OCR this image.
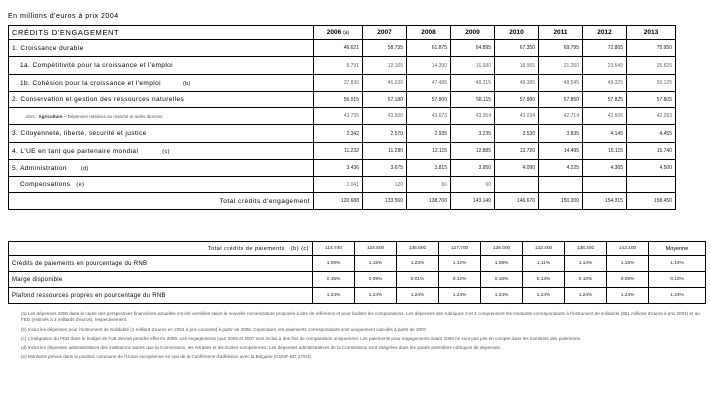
En millions d'euros à prix 2004
CRÉDITS D'ENGAGEMENT	2006 (a)	2007	2008	2009	2010	2011	2012	2013
1. Croissance durable	46.621	58.735	61.875	64.895	67.350	69.795	72.865	75.950
1a. Compétitivité pour la croissance et l'emploi	8.791	12.105	14.390	16.680	18.965	21.250	23.540	25.825
1b. Cohésion pour la croissance et l'emploi (b)	37.830	46.630	47.485	48.215	48.385	48.545	49.325	50.125
2. Conservation et gestion des ressources naturelles	56.015	57.180	57.900	58.115	57.980	57.850	57.825	57.805
dont : Agriculture – Dépenses relatives au marché et aides directes	43.735	43.500	43.673	43.354	43.034	42.714	42.506	42.293
3. Citoyenneté, liberté, sécurité et justice	2.342	2.570	2.935	3.235	3.530	3.835	4.145	4.455
4. L'UE en tant que partenaire mondial (c)	11.232	11.280	12.115	12.885	13.720	14.495	15.115	15.740
5. Administration (d)	3.436	3.675	3.815	3.950	4.090	4.225	4.365	4.500
Compensations (e)	1.041	120	60	60				
Total crédits d'engagement	120.688	133.560	138.700	143.140	146.670	150.200	154.315	158.450
Total crédits de paiements (b) (c)	114.740	124.600	136.500	127.700	126.000	132.400	138.400	143.100	Moyenne
Crédits de paiements en pourcentage du RNB	1,09%	1,15%	1,23%	1,12%	1,08%	1,11%	1,14%	1,15%	1,14%
Marge disponible	0,15%	0,09%	0,01%	0,12%	0,16%	0,13%	0,10%	0,09%	0,10%
Plafond ressources propres en pourcentage du RNB	1,24%	1,24%	1,24%	1,24%	1,24%	1,24%	1,24%	1,24%	1,24%

(a) Les dépenses 2006 dans le cadre des perspectives financières actuelles ont été ventilées selon la nouvelle nomenclature proposée à titre de référence et pour faciliter les comparaisons. Les dépenses des rubriques 3 et 4 comprennent les montants correspondants à l'instrument de solidarité (961 millions d'euros à prix 2004) et au FED (estimés à 3 milliards d'euros), respectivement.

(b) Inclut les dépenses pour l'instrument de Solidarité (1 milliard d'euros en 2004 à prix courants) à partir de 2006. Cependant, les paiements correspondants sont uniquement calculés à partir de 2007.

(c) L'intégration du FED dans le budget de l'UE devrait prendre effet en 2008. Les engagements pour 2006 et 2007 sont inclus à des fins de comparaison uniquement. Les paiements pour engagements avant 2008 ne sont pas pris en compte dans les montants des paiements.

(d) Inclut les dépenses administratives des institutions autres que la Commission, les retraites et les écoles européennes. Les dépenses administratives de la Commission sont intégrées dans les quatre premières rubriques de dépenses.

(e) Montants prévus dans la position commune de l'Union européenne en vue de la Conférence d'adhésion avec la Bulgarie (CONF-BG 27/04).
